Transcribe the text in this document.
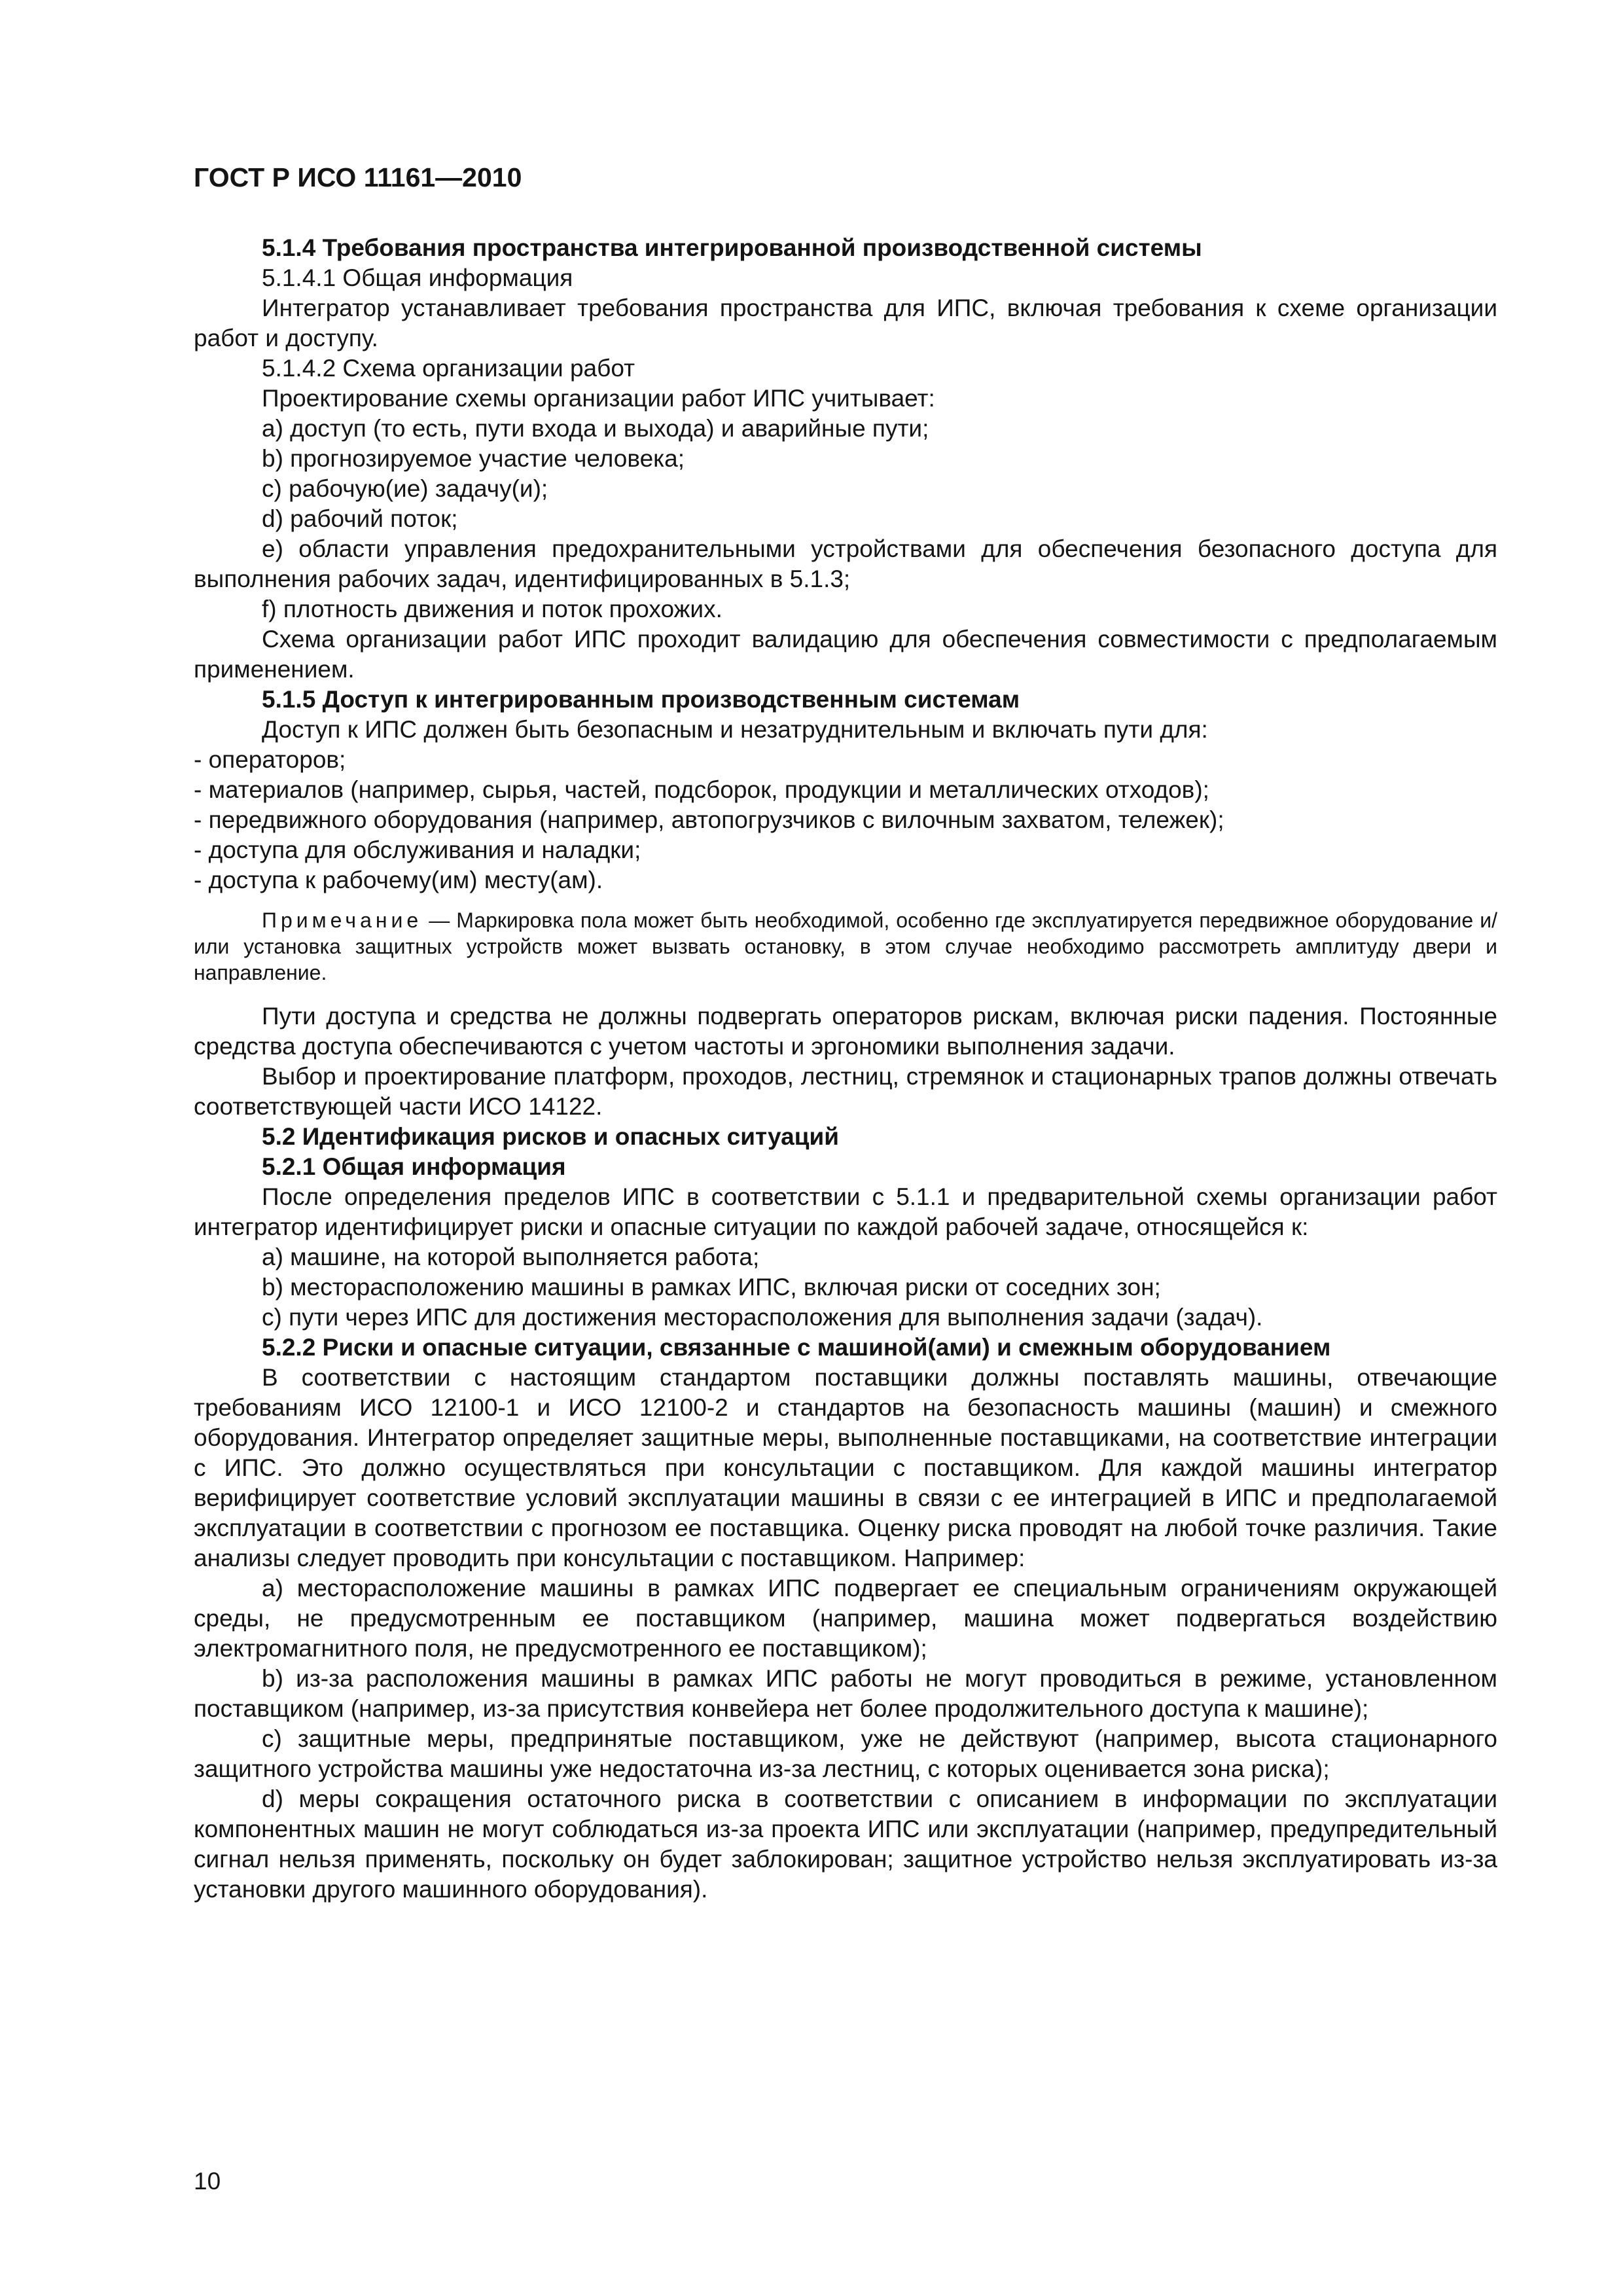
ГОСТ Р ИСО 11161—2010

5.1.4 Требования пространства интегрированной производственной системы

5.1.4.1 Общая информация

Интегратор устанавливает требования пространства для ИПС, включая требования к схеме организации работ и доступу.

5.1.4.2 Схема организации работ

Проектирование схемы организации работ ИПС учитывает:

a) доступ (то есть, пути входа и выхода) и аварийные пути;

b) прогнозируемое участие человека;

c) рабочую(ие) задачу(и);

d) рабочий поток;

e) области управления предохранительными устройствами для обеспечения безопасного доступа для выполнения рабочих задач, идентифицированных в 5.1.3;

f) плотность движения и поток прохожих.

Схема организации работ ИПС проходит валидацию для обеспечения совместимости с предполагаемым применением.

5.1.5 Доступ к интегрированным производственным системам

Доступ к ИПС должен быть безопасным и незатруднительным и включать пути для:

- операторов;

- материалов (например, сырья, частей, подсборок, продукции и металлических отходов);

- передвижного оборудования (например, автопогрузчиков с вилочным захватом, тележек);

- доступа для обслуживания и наладки;

- доступа к рабочему(им) месту(ам).

Примечание — Маркировка пола может быть необходимой, особенно где эксплуатируется передвижное оборудование и/ или установка защитных устройств может вызвать остановку, в этом случае необходимо рассмотреть амплитуду двери и направление.

Пути доступа и средства не должны подвергать операторов рискам, включая риски падения. Постоянные средства доступа обеспечиваются с учетом частоты и эргономики выполнения задачи.

Выбор и проектирование платформ, проходов, лестниц, стремянок и стационарных трапов должны отвечать соответствующей части ИСО 14122.

5.2 Идентификация рисков и опасных ситуаций

5.2.1 Общая информация

После определения пределов ИПС в соответствии с 5.1.1 и предварительной схемы организации работ интегратор идентифицирует риски и опасные ситуации по каждой рабочей задаче, относящейся к:

a) машине, на которой выполняется работа;

b) месторасположению машины в рамках ИПС, включая риски от соседних зон;

c) пути через ИПС для достижения месторасположения для выполнения задачи (задач).

5.2.2 Риски и опасные ситуации, связанные с машиной(ами) и смежным оборудованием

В соответствии с настоящим стандартом поставщики должны поставлять машины, отвечающие требованиям ИСО 12100-1 и ИСО 12100-2 и стандартов на безопасность машины (машин) и смежного оборудования. Интегратор определяет защитные меры, выполненные поставщиками, на соответствие интеграции с ИПС. Это должно осуществляться при консультации с поставщиком. Для каждой машины интегратор верифицирует соответствие условий эксплуатации машины в связи с ее интеграцией в ИПС и предполагаемой эксплуатации в соответствии с прогнозом ее поставщика. Оценку риска проводят на любой точке различия. Такие анализы следует проводить при консультации с поставщиком. Например:

a) месторасположение машины в рамках ИПС подвергает ее специальным ограничениям окружающей среды, не предусмотренным ее поставщиком (например, машина может подвергаться воздействию электромагнитного поля, не предусмотренного ее поставщиком);

b) из-за расположения машины в рамках ИПС работы не могут проводиться в режиме, установленном поставщиком (например, из-за присутствия конвейера нет более продолжительного доступа к машине);

c) защитные меры, предпринятые поставщиком, уже не действуют (например, высота стационарного защитного устройства машины уже недостаточна из-за лестниц, с которых оценивается зона риска);

d) меры сокращения остаточного риска в соответствии с описанием в информации по эксплуатации компонентных машин не могут соблюдаться из-за проекта ИПС или эксплуатации (например, предупредительный сигнал нельзя применять, поскольку он будет заблокирован; защитное устройство нельзя эксплуатировать из-за установки другого машинного оборудования).

10
